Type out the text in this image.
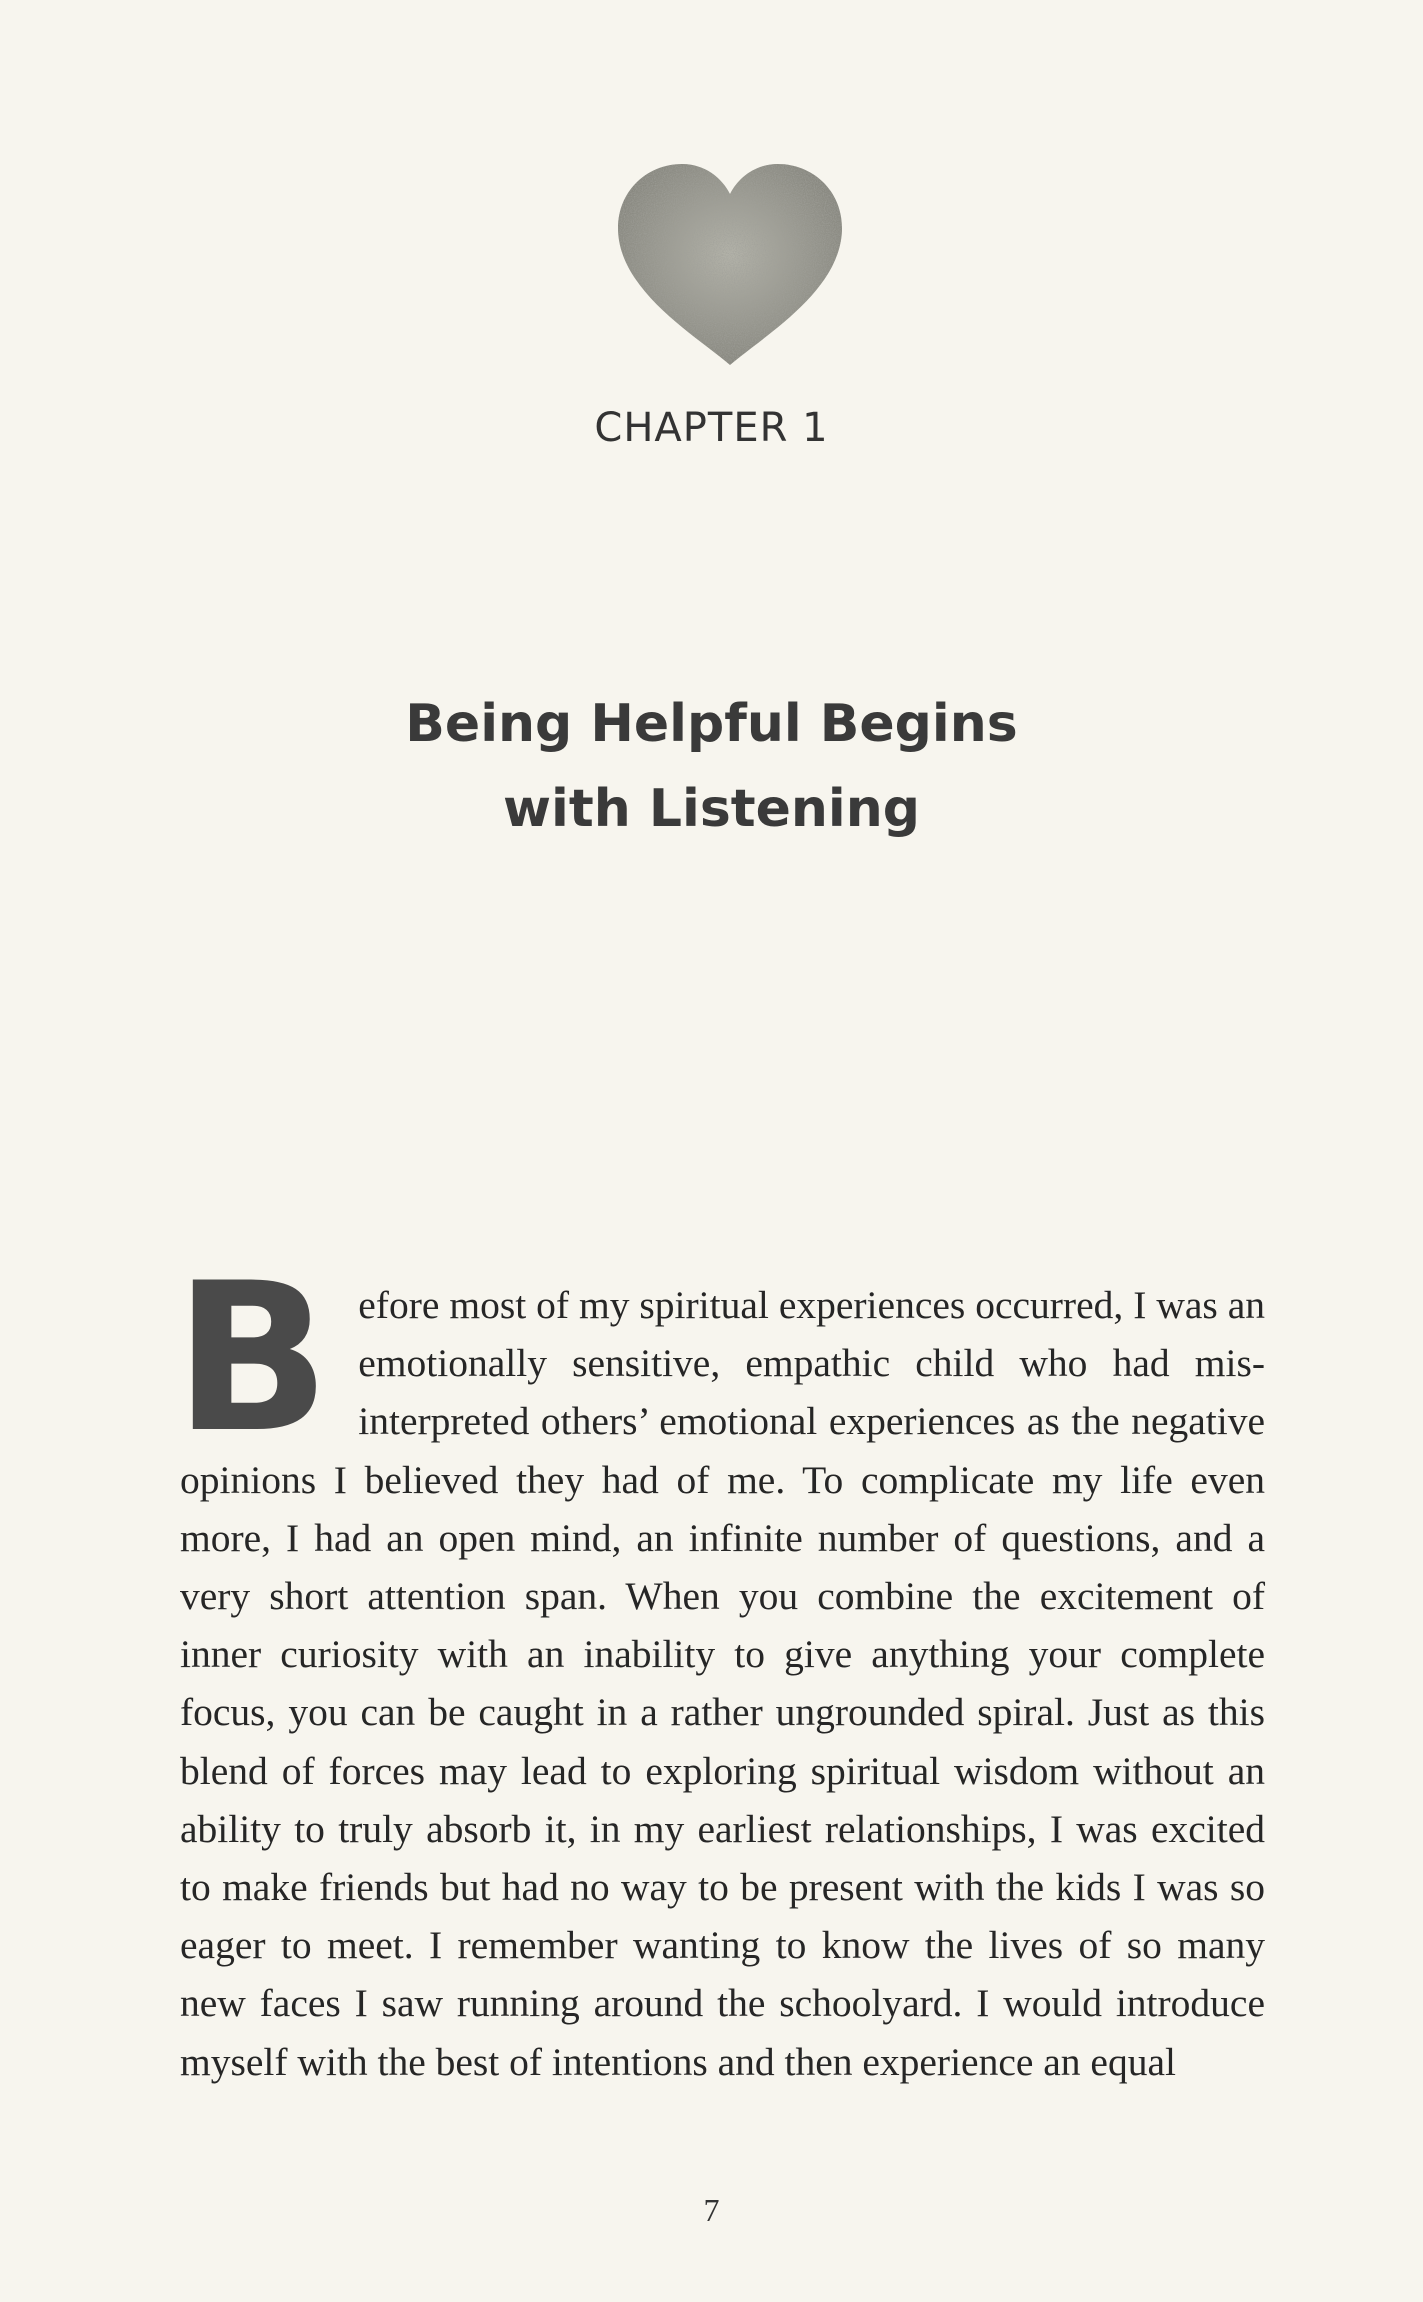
CHAPTER 1
Being Helpful Begins
with Listening
Before most of my spiritual experiences occurred, I was an emotionally sensitive, empathic child who had misinterpreted others’ emotional experiences as the negative opinions I believed they had of me. To complicate my life even more, I had an open mind, an infinite number of questions, and a very short attention span. When you combine the excitement of inner curiosity with an inability to give anything your complete focus, you can be caught in a rather ungrounded spiral. Just as this blend of forces may lead to exploring spiritual wisdom without an ability to truly absorb it, in my earliest relationships, I was excited to make friends but had no way to be present with the kids I was so eager to meet. I remember wanting to know the lives of so many new faces I saw running around the schoolyard. I would introduce myself with the best of intentions and then experience an equal
7
